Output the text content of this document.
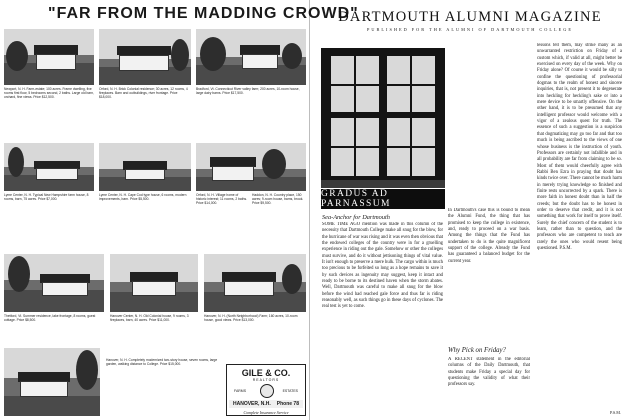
"FAR FROM THE MADDING CROWD"
Newport, N. H. Farm-estate; 100 acres. Frame dwelling, five rooms first floor, 5 bedrooms second, 2 baths. Large old barn, orchard, fine views. Price $12,500.
Orford, N. H. Brick Colonial residence; 30 acres, 12 rooms, 4 fireplaces. Barn and outbuildings, river frontage. Price $18,000.
Bradford, Vt. Connecticut River valley farm; 200 acres, 10-room house, large dairy barns. Price $17,500.
Lyme Center, N. H. Typical New Hampshire farm house, 8 rooms, barn, 75 acres. Price $7,000.
Lyme Center, N. H. Cape Cod type house, 6 rooms, modern improvements, barn. Price $5,500.
Orford, N. H. Village home of historic interest; 11 rooms, 2 baths. Price $14,000.
Haddon, N. H. Country place, 150 acres; 9-room house, barns, brook. Price $9,500.
Thetford, Vt. Summer residence, lake frontage, 8 rooms, guest cottage. Price $8,500.
Hanover Center, N. H. Old Colonial house, 9 rooms, 3 fireplaces, barn, 40 acres. Price $11,000.
Hanover, N. H. (North Neighborhood) Farm; 160 acres, 10-room house, good views. Price $13,000.
Hanover, N. H. Completely modernized two-story house, seven rooms, large garden, walking distance to College. Price $15,000.
GILE & CO.
REALTORS
FARMS	ESTATES
HANOVER, N.H. Phone 78
Complete Insurance Service
DARTMOUTH ALUMNI MAGAZINE
PUBLISHED FOR THE ALUMNI OF DARTMOUTH COLLEGE
GRADUS AD PARNASSUM
Sea-Anchor for Dartmouth

SOME TIME AGO mention was made in this column of the necessity that Dartmouth College make all snug for the blow, for the hurricane of war was rising and it was even then obvious that the endowed colleges of the country were in for a gruelling experience in riding out the gale. Somehow or other the colleges must survive, and do it without jettisoning things of vital value. It isn't enough to preserve a mere hulk. The cargo within is much too precious to be forfeited so long as a hope remains to save it by such devices as ingenuity may suggest, keep it intact and ready to be borne to its destined haven when the storm abates. Well, Dartmouth was careful to make all snug for the blow before the wind had reached gale force and thus far is riding reasonably well, as such things go in these days of cyclones. The real test is yet to come.

In Dartmouth's case this is bound to mean the Alumni Fund, the thing that has promised to keep the college in existence, and, ready to proceed on a war basis. Among the things that the Fund has undertaken to do is the quite magnificent support of the college. Already the Fund has guaranteed a balanced budget for the current year.

Why Pick on Friday?

A RECENT statement in the editorial columns of the Daily Dartmouth, that students make Friday a special day for questioning the validity of what their professors say.

lessons tell them, may strike many as an unwarranted restriction on Friday of a custom which, if valid at all, might better be exercised on every day of the week. Why on Friday alone? Of course it would be silly to confine the questioning of professorial dogmas to the realm of honest and sincere inquiries, that is, not present it to degenerate into heckling for heckling's sake or into a mere device to be smartly offensive. On the other hand, it is to be presumed that any intelligent professor would welcome with a vigor of a zealous quest for truth. The essence of such a suggestion is a suspicion that dogmatizing may go too far and that too much is being ascribed to the views of one whose business is the instruction of youth. Professors are certainly not infallible and in all probability are far from claiming to be so. Most of them would cheerfully agree with Rabbi Ben Ezra in praying that doubt has kinds twice over. There cannot be much harm in merely trying knowledge so finished and finite rests uncorrected by a spark. There is more faith in honest doubt than in half the creeds; but the doubt has to be honest in order to deserve that credit, and it is not something that work for itself to prove itself. Surely the chief concern of the student is to learn, rather than to question, and the professors who are competent to teach are rarely the ones who would resent being questioned. P.S.M.

P.S.M.
